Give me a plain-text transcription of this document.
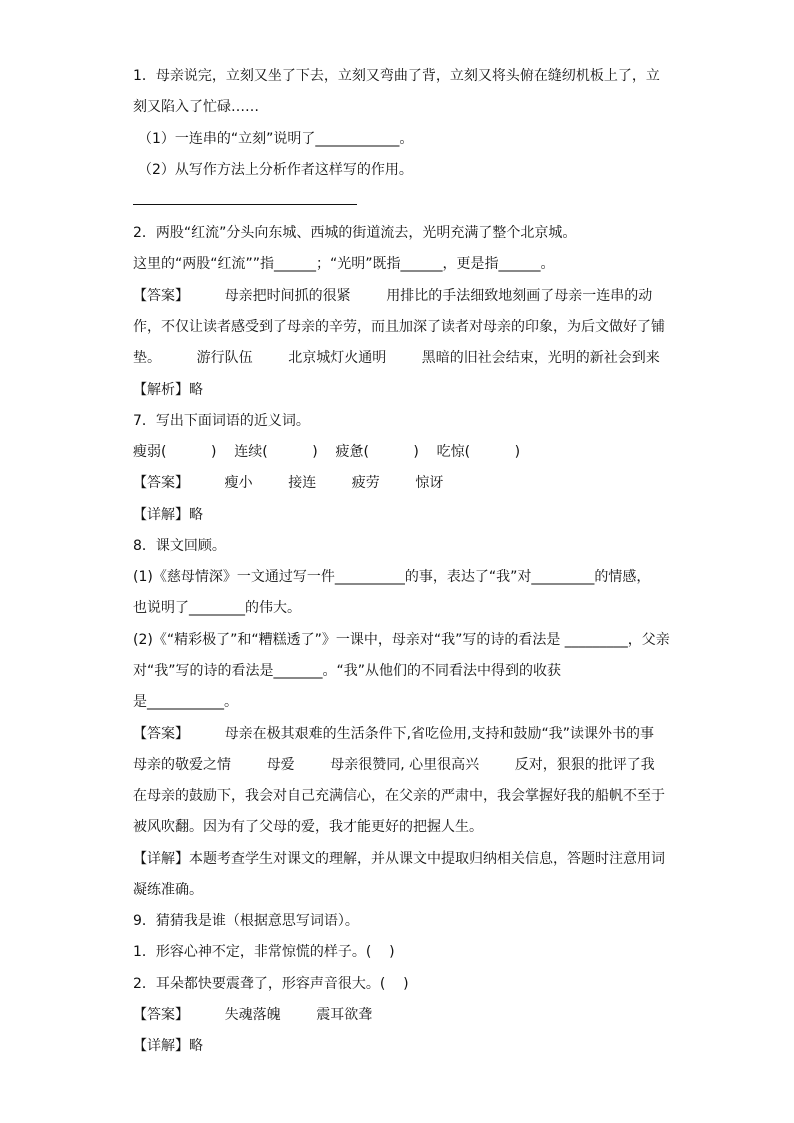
1．母亲说完，立刻又坐了下去，立刻又弯曲了背，立刻又将头俯在缝纫机板上了，立
刻又陷入了忙碌……
（1）一连串的“立刻”说明了____________。
（2）从写作方法上分析作者这样写的作用。
2．两股“红流”分头向东城、西城的街道流去，光明充满了整个北京城。
这里的“两股“红流””指______；“光明”既指______，更是指______。
【答案】        母亲把时间抓的很紧        用排比的手法细致地刻画了母亲一连串的动
作，不仅让读者感受到了母亲的辛劳，而且加深了读者对母亲的印象，为后文做好了铺
垫。        游行队伍        北京城灯火通明        黑暗的旧社会结束，光明的新社会到来
【解析】略
7．写出下面词语的近义词。
瘦弱(          )    连续(          )    疲惫(          )    吃惊(          )
【答案】        瘦小        接连        疲劳        惊讶
【详解】略
8．课文回顾。
(1)《慈母情深》一文通过写一件__________的事，表达了“我”对_________的情感，
也说明了________的伟大。
(2)《“精彩极了”和“糟糕透了”》一课中，母亲对“我”写的诗的看法是 _________，父亲
对“我”写的诗的看法是_______。“我”从他们的不同看法中得到的收获
是___________。
【答案】        母亲在极其艰难的生活条件下,省吃俭用,支持和鼓励“我”读课外书的事
母亲的敬爱之情        母爱        母亲很赞同, 心里很高兴        反对，狠狠的批评了我
在母亲的鼓励下，我会对自己充满信心，在父亲的严肃中，我会掌握好我的船帆不至于
被风吹翻。因为有了父母的爱，我才能更好的把握人生。
【详解】本题考查学生对课文的理解，并从课文中提取归纳相关信息，答题时注意用词
凝练准确。
9．猜猜我是谁（根据意思写词语）。
1．形容心神不定，非常惊慌的样子。(    )
2．耳朵都快要震聋了，形容声音很大。(    )
【答案】        失魂落魄        震耳欲聋
【详解】略
